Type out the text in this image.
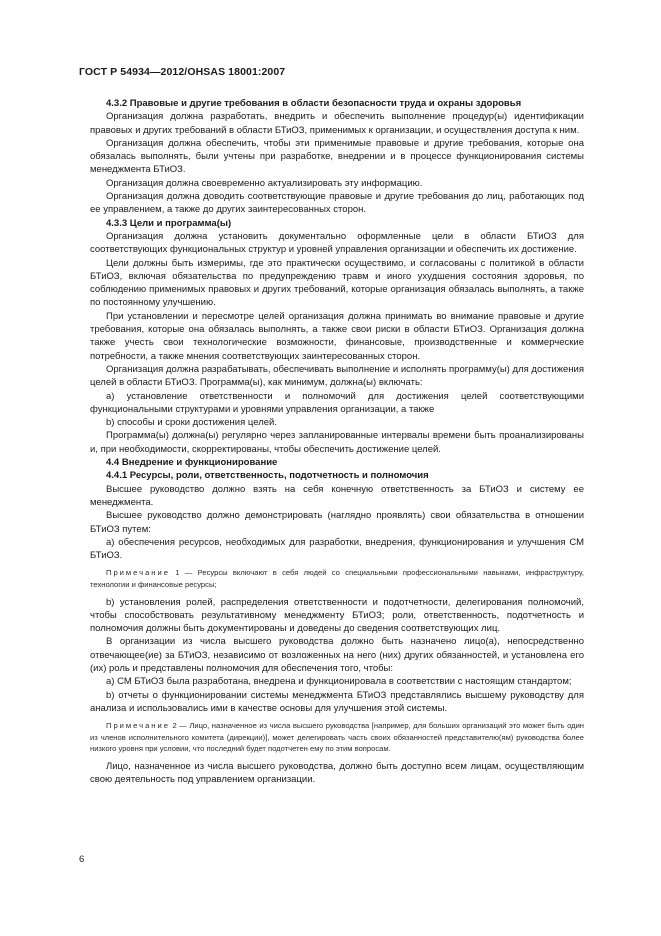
ГОСТ Р 54934—2012/OHSAS 18001:2007

4.3.2 Правовые и другие требования в области безопасности труда и охраны здоровья

Организация должна разработать, внедрить и обеспечить выполнение процедур(ы) идентификации правовых и других требований в области БТиОЗ, применимых к организации, и осуществления доступа к ним.

Организация должна обеспечить, чтобы эти применимые правовые и другие требования, которые она обязалась выполнять, были учтены при разработке, внедрении и в процессе функционирования системы менеджмента БТиОЗ.

Организация должна своевременно актуализировать эту информацию.

Организация должна доводить соответствующие правовые и другие требования до лиц, работающих под ее управлением, а также до других заинтересованных сторон.

4.3.3 Цели и программа(ы)

Организация должна установить документально оформленные цели в области БТиОЗ для соответствующих функциональных структур и уровней управления организации и обеспечить их достижение.

Цели должны быть измеримы, где это практически осуществимо, и согласованы с политикой в области БТиОЗ, включая обязательства по предупреждению травм и иного ухудшения состояния здоровья, по соблюдению применимых правовых и других требований, которые организация обязалась выполнять, а также по постоянному улучшению.

При установлении и пересмотре целей организация должна принимать во внимание правовые и другие требования, которые она обязалась выполнять, а также свои риски в области БТиОЗ. Организация должна также учесть свои технологические возможности, финансовые, производственные и коммерческие потребности, а также мнения соответствующих заинтересованных сторон.

Организация должна разрабатывать, обеспечивать выполнение и исполнять программу(ы) для достижения целей в области БТиОЗ. Программа(ы), как минимум, должна(ы) включать:

a) установление ответственности и полномочий для достижения целей соответствующими функциональными структурами и уровнями управления организации, а также

b) способы и сроки достижения целей.

Программа(ы) должна(ы) регулярно через запланированные интервалы времени быть проанализированы и, при необходимости, скорректированы, чтобы обеспечить достижение целей.

4.4 Внедрение и функционирование

4.4.1 Ресурсы, роли, ответственность, подотчетность и полномочия

Высшее руководство должно взять на себя конечную ответственность за БТиОЗ и систему ее менеджмента.

Высшее руководство должно демонстрировать (наглядно проявлять) свои обязательства в отношении БТиОЗ путем:

a) обеспечения ресурсов, необходимых для разработки, внедрения, функционирования и улучшения СМ БТиОЗ.

Примечание 1 — Ресурсы включают в себя людей со специальными профессиональными навыками, инфраструктуру, технологии и финансовые ресурсы;

b) установления ролей, распределения ответственности и подотчетности, делегирования полномочий, чтобы способствовать результативному менеджменту БТиОЗ; роли, ответственность, подотчетность и полномочия должны быть документированы и доведены до сведения соответствующих лиц.

В организации из числа высшего руководства должно быть назначено лицо(а), непосредственно отвечающее(ие) за БТиОЗ, независимо от возложенных на него (них) других обязанностей, и установлена его (их) роль и представлены полномочия для обеспечения того, чтобы:

a) СМ БТиОЗ была разработана, внедрена и функционировала в соответствии с настоящим стандартом;

b) отчеты о функционировании системы менеджмента БТиОЗ представлялись высшему руководству для анализа и использовались ими в качестве основы для улучшения этой системы.

Примечание 2 — Лицо, назначенное из числа высшего руководства [например, для больших организаций это может быть один из членов исполнительного комитета (дирекции)], может делегировать часть своих обязанностей представителю(ям) руководства более низкого уровня при условии, что последний будет подотчетен ему по этим вопросам.

Лицо, назначенное из числа высшего руководства, должно быть доступно всем лицам, осуществляющим свою деятельность под управлением организации.

6
